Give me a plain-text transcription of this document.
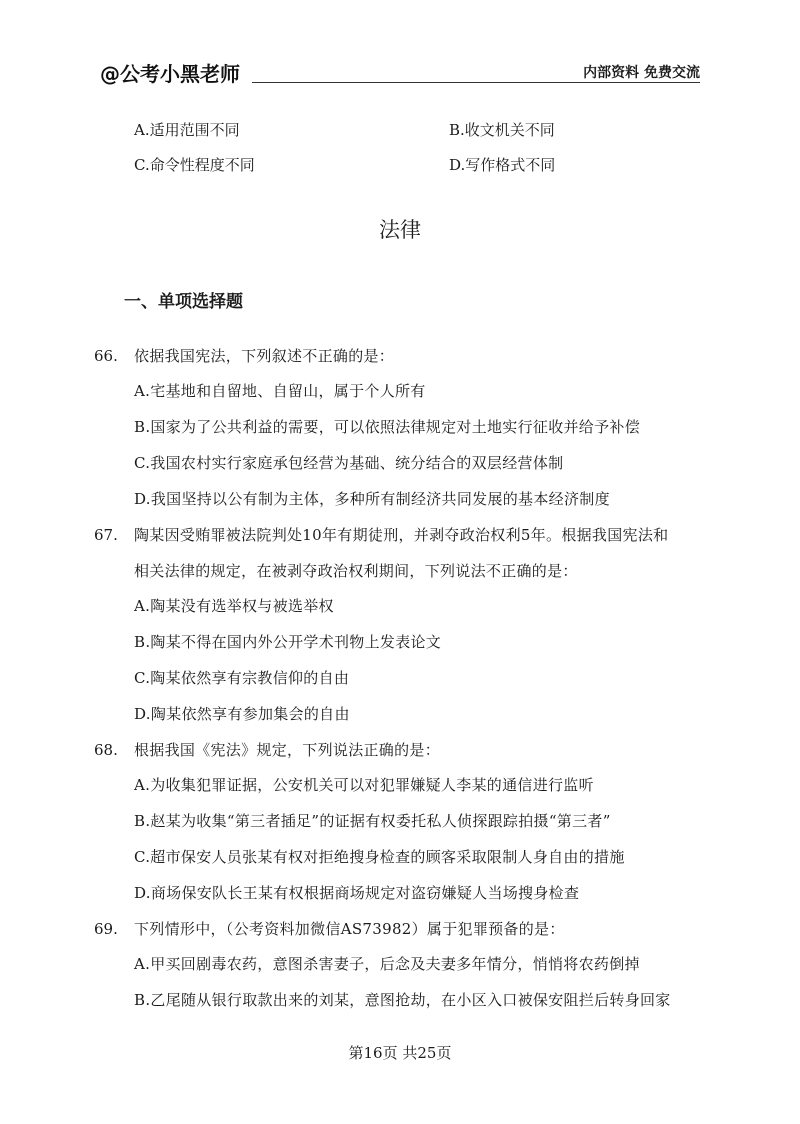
@公考小黑老师	内部资料 免费交流
A.适用范围不同	B.收文机关不同
C.命令性程度不同	D.写作格式不同
法律
一、单项选择题
66. 依据我国宪法，下列叙述不正确的是：
A.宅基地和自留地、自留山，属于个人所有
B.国家为了公共利益的需要，可以依照法律规定对土地实行征收并给予补偿
C.我国农村实行家庭承包经营为基础、统分结合的双层经营体制
D.我国坚持以公有制为主体，多种所有制经济共同发展的基本经济制度
67. 陶某因受贿罪被法院判处10年有期徒刑，并剥夺政治权利5年。根据我国宪法和
相关法律的规定，在被剥夺政治权利期间，下列说法不正确的是：
A.陶某没有选举权与被选举权
B.陶某不得在国内外公开学术刊物上发表论文
C.陶某依然享有宗教信仰的自由
D.陶某依然享有参加集会的自由
68. 根据我国《宪法》规定，下列说法正确的是：
A.为收集犯罪证据，公安机关可以对犯罪嫌疑人李某的通信进行监听
B.赵某为收集“第三者插足”的证据有权委托私人侦探跟踪拍摄“第三者”
C.超市保安人员张某有权对拒绝搜身检查的顾客采取限制人身自由的措施
D.商场保安队长王某有权根据商场规定对盗窃嫌疑人当场搜身检查
69. 下列情形中，（公考资料加微信AS73982）属于犯罪预备的是：
A.甲买回剧毒农药，意图杀害妻子，后念及夫妻多年情分，悄悄将农药倒掉
B.乙尾随从银行取款出来的刘某，意图抢劫，在小区入口被保安阻拦后转身回家
第16页 共25页
